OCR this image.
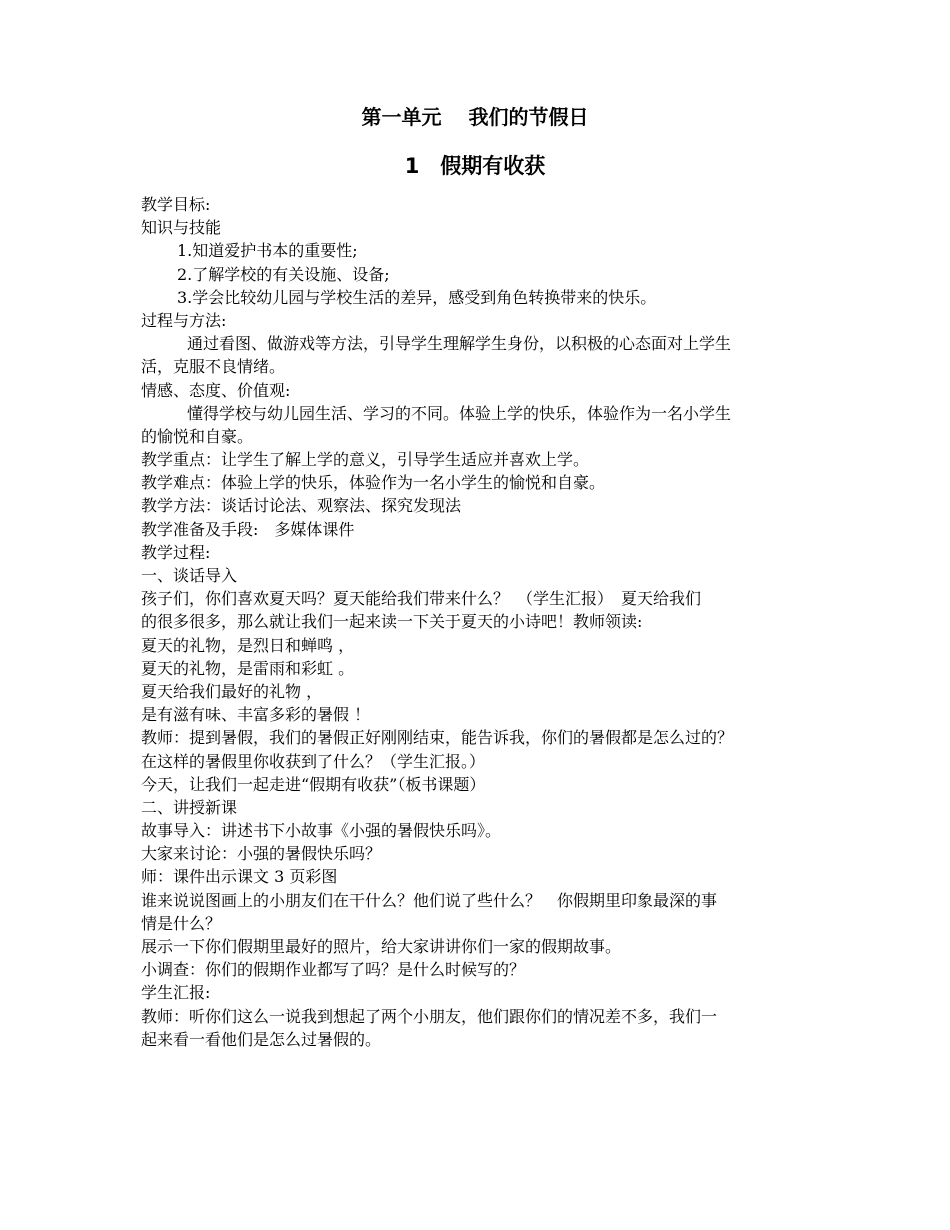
第一单元　 我们的节假日
1　假期有收获
教学目标:
知识与技能
1.知道爱护书本的重要性;
2.了解学校的有关设施、设备;
3.学会比较幼儿园与学校生活的差异，感受到角色转换带来的快乐。
过程与方法:
通过看图、做游戏等方法，引导学生理解学生身份，以积极的心态面对上学生
活，克服不良情绪。
情感、态度、价值观:
懂得学校与幼儿园生活、学习的不同。体验上学的快乐，体验作为一名小学生
的愉悦和自豪。
教学重点：让学生了解上学的意义，引导学生适应并喜欢上学。
教学难点：体验上学的快乐，体验作为一名小学生的愉悦和自豪。
教学方法：谈话讨论法、观察法、探究发现法
教学准备及手段:　多媒体课件
教学过程:
一、谈话导入
孩子们，你们喜欢夏天吗？夏天能给我们带来什么？　（学生汇报）　夏天给我们
的很多很多，那么就让我们一起来读一下关于夏天的小诗吧！教师领读:
夏天的礼物，是烈日和蝉鸣 ，
夏天的礼物，是雷雨和彩虹 。
夏天给我们最好的礼物 ，
是有滋有味、丰富多彩的暑假 ！
教师：提到暑假，我们的暑假正好刚刚结束，能告诉我，你们的暑假都是怎么过的？
在这样的暑假里你收获到了什么？（学生汇报。）
今天，让我们一起走进“假期有收获”（板书课题）
二、讲授新课
故事导入：讲述书下小故事《小强的暑假快乐吗》。
大家来讨论：小强的暑假快乐吗？
师：课件出示课文 3 页彩图
谁来说说图画上的小朋友们在干什么？他们说了些什么？　你假期里印象最深的事
情是什么？
展示一下你们假期里最好的照片，给大家讲讲你们一家的假期故事。
小调查：你们的假期作业都写了吗？是什么时候写的？
学生汇报:
教师：听你们这么一说我到想起了两个小朋友，他们跟你们的情况差不多，我们一
起来看一看他们是怎么过暑假的。
